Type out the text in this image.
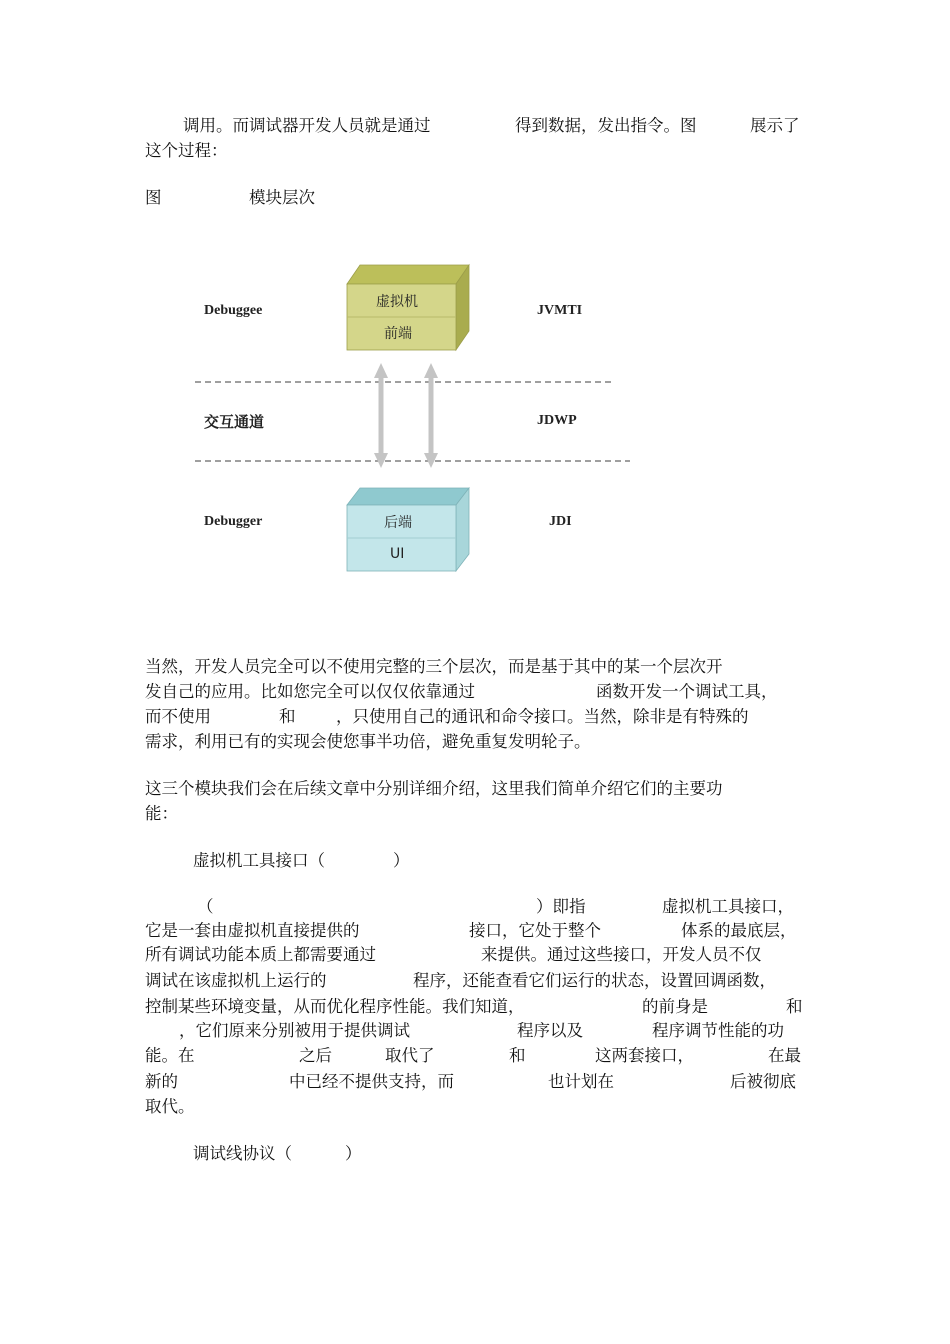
调用。而调试器开发人员就是通过	得到数据，发出指令。图	展示了
这个过程：
图	模块层次
虚拟机
前端
后端
UI
Debuggee
交互通道
Debugger
JVMTI
JDWP
JDI
当然，开发人员完全可以不使用完整的三个层次，而是基于其中的某一个层次开
发自己的应用。比如您完全可以仅仅依靠通过	函数开发一个调试工具，
而不使用	和 ，只使用自己的通讯和命令接口。当然，除非是有特殊的
需求，利用已有的实现会使您事半功倍，避免重复发明轮子。
这三个模块我们会在后续文章中分别详细介绍，这里我们简单介绍它们的主要功
能：
虚拟机工具接口（	）
（	）即指	虚拟机工具接口，
它是一套由虚拟机直接提供的	接口，它处于整个	体系的最底层，
所有调试功能本质上都需要通过	来提供。通过这些接口，开发人员不仅
调试在该虚拟机上运行的	程序，还能查看它们运行的状态，设置回调函数，
控制某些环境变量，从而优化程序性能。我们知道，	的前身是	和
，它们原来分别被用于提供调试	程序以及	程序调节性能的功
能。在	之后	取代了	和	这两套接口，	在最
新的	中已经不提供支持，而	也计划在	后被彻底
取代。
调试线协议（	）
